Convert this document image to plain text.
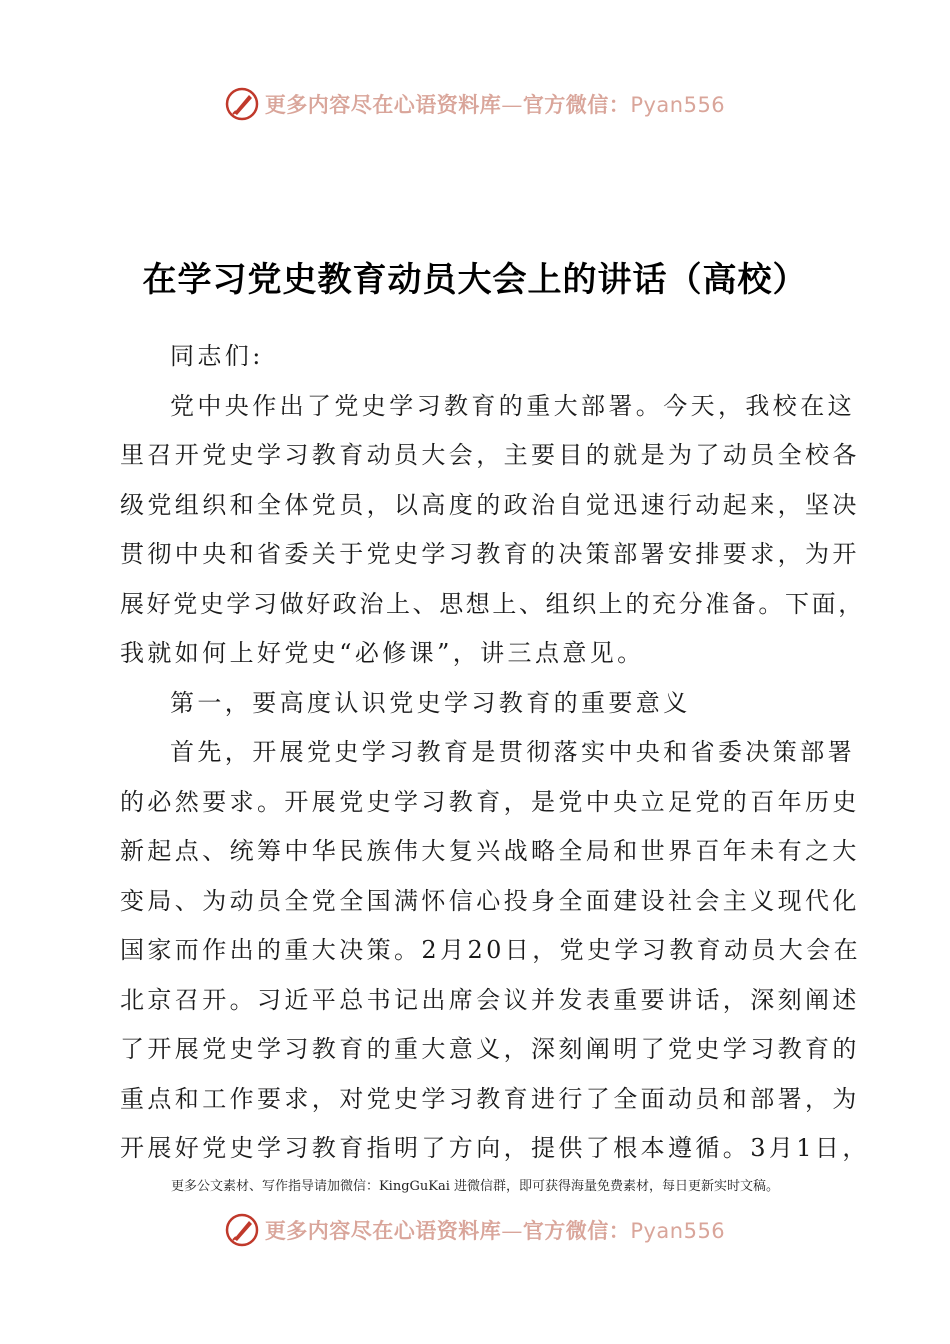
更多内容尽在心语资料库—官方微信：Pyan556
在学习党史教育动员大会上的讲话（高校）
同志们:
党中央作出了党史学习教育的重大部署。今天，我校在这
里召开党史学习教育动员大会，主要目的就是为了动员全校各
级党组织和全体党员，以高度的政治自觉迅速行动起来，坚决
贯彻中央和省委关于党史学习教育的决策部署安排要求，为开
展好党史学习做好政治上、思想上、组织上的充分准备。下面，
我就如何上好党史“必修课”，讲三点意见。
第一，要高度认识党史学习教育的重要意义
首先，开展党史学习教育是贯彻落实中央和省委决策部署
的必然要求。开展党史学习教育，是党中央立足党的百年历史
新起点、统筹中华民族伟大复兴战略全局和世界百年未有之大
变局、为动员全党全国满怀信心投身全面建设社会主义现代化
国家而作出的重大决策。2月20日，党史学习教育动员大会在
北京召开。习近平总书记出席会议并发表重要讲话，深刻阐述
了开展党史学习教育的重大意义，深刻阐明了党史学习教育的
重点和工作要求，对党史学习教育进行了全面动员和部署，为
开展好党史学习教育指明了方向，提供了根本遵循。3月1日，
更多公文素材、写作指导请加微信：KingGuKai 进微信群，即可获得海量免费素材，每日更新实时文稿。
更多内容尽在心语资料库—官方微信：Pyan556
